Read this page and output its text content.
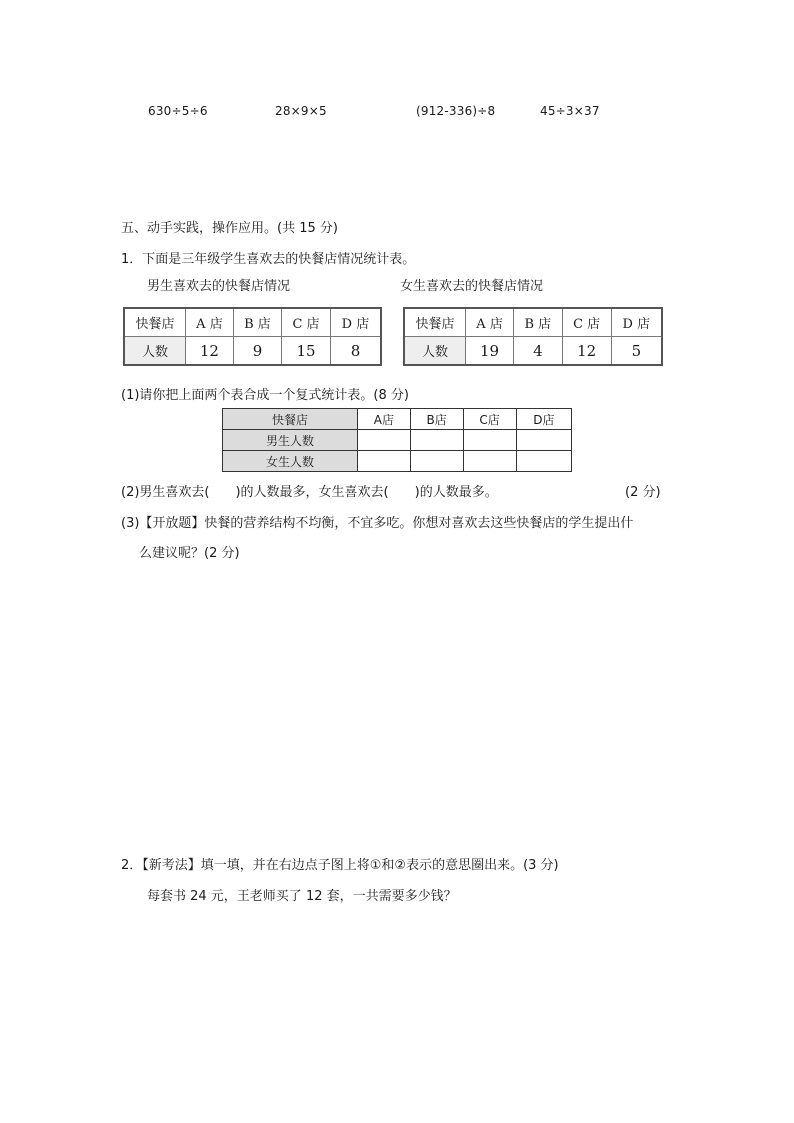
630÷5÷6	28×9×5	(912-336)÷8	45÷3×37
五、动手实践，操作应用。(共 15 分)
1．下面是三年级学生喜欢去的快餐店情况统计表。
男生喜欢去的快餐店情况	女生喜欢去的快餐店情况
快餐店	A 店	B 店	C 店	D 店
人数	12	9	15	8
快餐店	A 店	B 店	C 店	D 店
人数	19	4	12	5
(1)请你把上面两个表合成一个复式统计表。(8 分)
快餐店	A店	B店	C店	D店
男生人数				
女生人数				
(2)男生喜欢去(　　)的人数最多，女生喜欢去(　　)的人数最多。	(2 分)
(3)【开放题】快餐的营养结构不均衡，不宜多吃。你想对喜欢去这些快餐店的学生提出什
么建议呢？(2 分)
2．【新考法】填一填，并在右边点子图上将①和②表示的意思圈出来。(3 分)
每套书 24 元，王老师买了 12 套，一共需要多少钱？
